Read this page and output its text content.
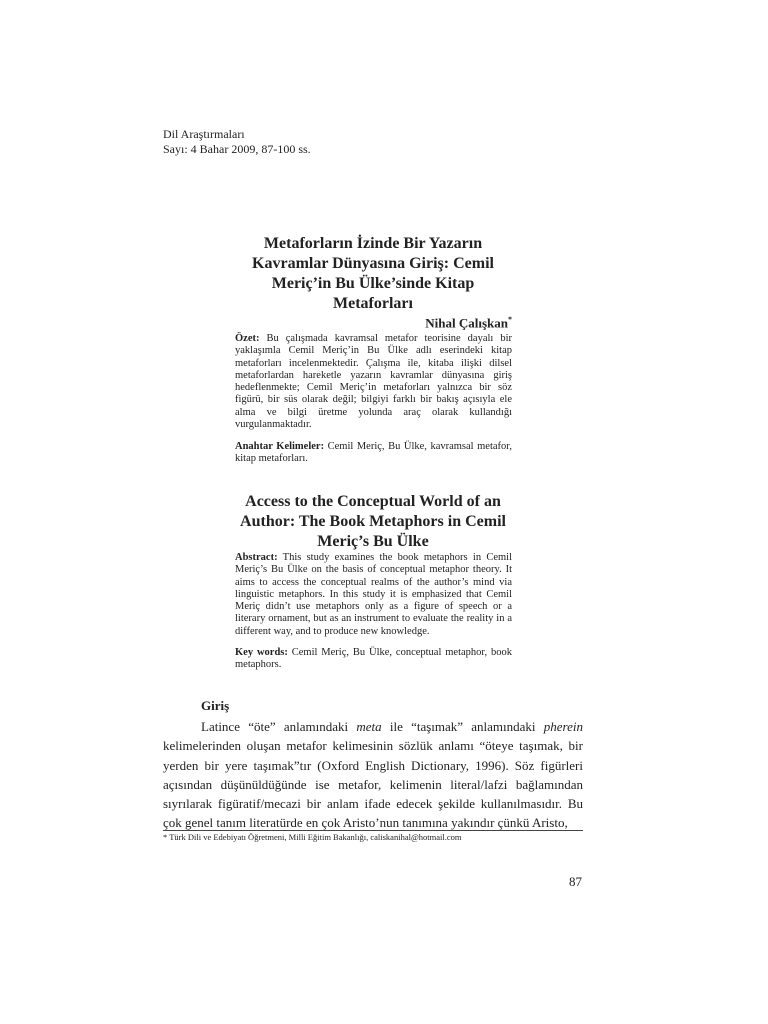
Dil Araştırmaları
Sayı: 4 Bahar 2009, 87-100 ss.
Metaforların İzinde Bir Yazarın Kavramlar Dünyasına Giriş: Cemil Meriç’in Bu Ülke’sinde Kitap Metaforları
Nihal Çalışkan*

Özet: Bu çalışmada kavramsal metafor teorisine dayalı bir yaklaşımla Cemil Meriç’in Bu Ülke adlı eserindeki kitap metaforları incelenmektedir. Çalışma ile, kitaba ilişki dilsel metaforlardan hareketle yazarın kavramlar dünyasına giriş hedeflenmekte; Cemil Meriç’in metaforları yalnızca bir söz figürü, bir süs olarak değil; bilgiyi farklı bir bakış açısıyla ele alma ve bilgi üretme yolunda araç olarak kullandığı vurgulanmaktadır.

Anahtar Kelimeler: Cemil Meriç, Bu Ülke, kavramsal metafor, kitap metaforları.

Access to the Conceptual World of an Author: The Book Metaphors in Cemil Meriç’s Bu Ülke

Abstract: This study examines the book metaphors in Cemil Meriç’s Bu Ülke on the basis of conceptual metaphor theory. It aims to access the conceptual realms of the author’s mind via linguistic metaphors. In this study it is emphasized that Cemil Meriç didn’t use metaphors only as a figure of speech or a literary ornament, but as an instrument to evaluate the reality in a different way, and to produce new knowledge.

Key words: Cemil Meriç, Bu Ülke, conceptual metaphor, book metaphors.

Giriş

Latince “öte” anlamındaki meta ile “taşımak” anlamındaki pherein kelimelerinden oluşan metafor kelimesinin sözlük anlamı “öteye taşımak, bir yerden bir yere taşımak”tır (Oxford English Dictionary, 1996). Söz figürleri açısından düşünüldüğünde ise metafor, kelimenin literal/lafzi bağlamından sıyrılarak figüratif/mecazi bir anlam ifade edecek şekilde kullanılmasıdır. Bu çok genel tanım literatürde en çok Aristo’nun tanımına yakındır çünkü Aristo,

* Türk Dili ve Edebiyatı Öğretmeni, Milli Eğitim Bakanlığı, caliskanihal@hotmail.com
87
